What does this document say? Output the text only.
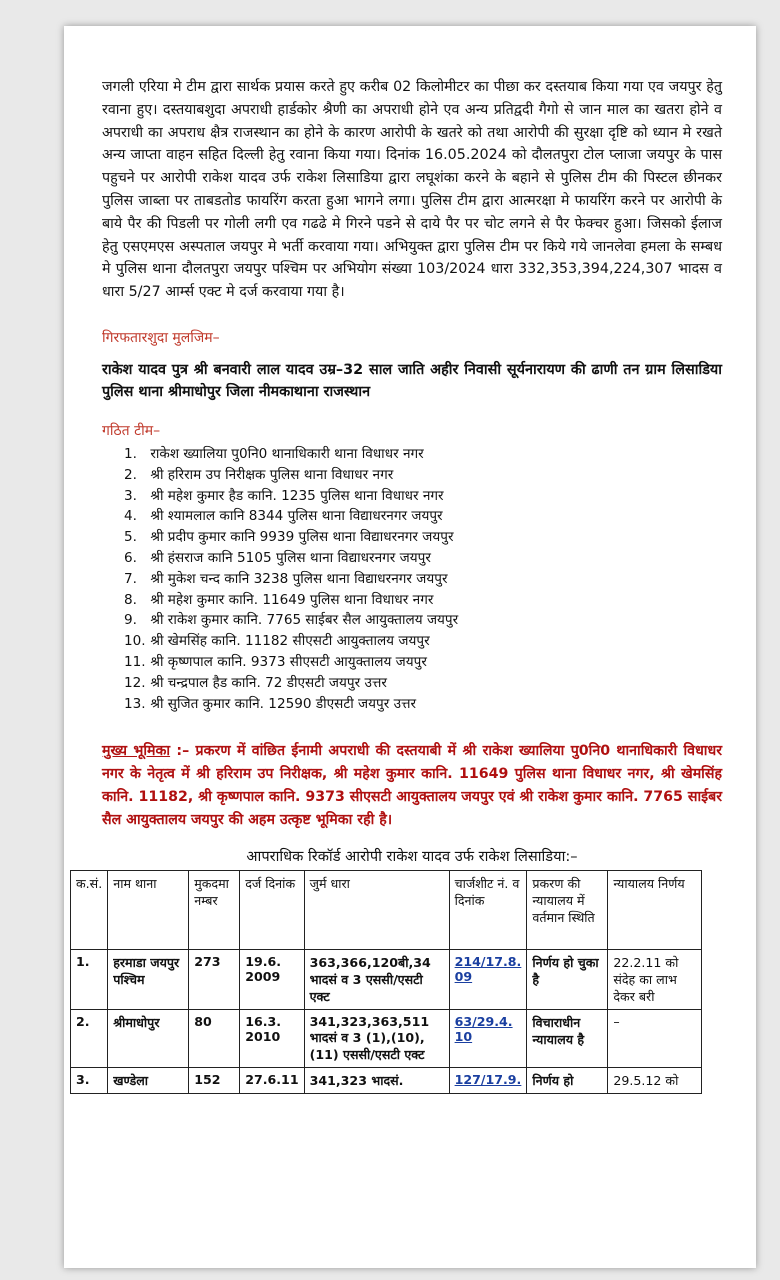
जगली एरिया मे टीम द्वारा सार्थक प्रयास करते हुए करीब 02 किलोमीटर का पीछा कर दस्तयाब किया गया एव जयपुर हेतु रवाना हुए। दस्तयाबशुदा अपराधी हार्डकोर श्रैणी का अपराधी होने एव अन्य प्रतिद्वदी गैगो से जान माल का खतरा होने व अपराधी का अपराध क्षैत्र राजस्थान का होने के कारण आरोपी के खतरे को तथा आरोपी की सुरक्षा दृष्टि को ध्यान मे रखते अन्य जाप्ता वाहन सहित दिल्ली हेतु रवाना किया गया। दिनांक 16.05.2024 को दौलतपुरा टोल प्लाजा जयपुर के पास पहुचने पर आरोपी राकेश यादव उर्फ राकेश लिसाडिया द्वारा लघूशंका करने के बहाने से पुलिस टीम की पिस्टल छीनकर पुलिस जाब्ता पर ताबडतोड फायरिंग करता हुआ भागने लगा। पुलिस टीम द्वारा आत्मरक्षा मे फायरिंग करने पर आरोपी के बाये पैर की पिडली पर गोली लगी एव गढढे मे गिरने पडने से दाये पैर पर चोट लगने से पैर फेक्चर हुआ। जिसको ईलाज हेतु एसएमएस अस्पताल जयपुर मे भर्ती करवाया गया। अभियुक्त द्वारा पुलिस टीम पर किये गये जानलेवा हमला के सम्बध मे पुलिस थाना दौलतपुरा जयपुर पश्चिम पर अभियोग संख्या 103/2024 धारा 332,353,394,224,307 भादस व धारा 5/27 आर्म्स एक्ट मे दर्ज करवाया गया है।

गिरफतारशुदा मुलजिम–

राकेश यादव पुत्र श्री बनवारी लाल यादव उम्र–32 साल जाति अहीर निवासी सूर्यनारायण की ढाणी तन ग्राम लिसाडिया पुलिस थाना श्रीमाधोपुर जिला नीमकाथाना राजस्थान

गठित टीम–
1. राकेश ख्यालिया पु0नि0 थानाधिकारी थाना विधाधर नगर
2. श्री हरिराम उप निरीक्षक पुलिस थाना विधाधर नगर
3. श्री महेश कुमार हैड कानि. 1235 पुलिस थाना विधाधर नगर
4. श्री श्यामलाल कानि 8344 पुलिस थाना विद्याधरनगर जयपुर
5. श्री प्रदीप कुमार कानि 9939 पुलिस थाना विद्याधरनगर जयपुर
6. श्री हंसराज कानि 5105 पुलिस थाना विद्याधरनगर जयपुर
7. श्री मुकेश चन्द कानि 3238 पुलिस थाना विद्याधरनगर जयपुर
8. श्री महेश कुमार कानि. 11649 पुलिस थाना विधाधर नगर
9. श्री राकेश कुमार कानि. 7765 साईबर सैल आयुक्तालय जयपुर
10. श्री खेमसिंह कानि. 11182 सीएसटी आयुक्तालय जयपुर
11. श्री कृष्णपाल कानि. 9373 सीएसटी आयुक्तालय जयपुर
12. श्री चन्द्रपाल हैड कानि. 72 डीएसटी जयपुर उत्तर
13. श्री सुजित कुमार कानि. 12590 डीएसटी जयपुर उत्तर

मुख्य भूमिका :– प्रकरण में वांछित ईनामी अपराधी की दस्तयाबी में श्री राकेश ख्यालिया पु0नि0 थानाधिकारी विधाधर नगर के नेतृत्व में श्री हरिराम उप निरीक्षक, श्री महेश कुमार कानि. 11649 पुलिस थाना विधाधर नगर, श्री खेमसिंह कानि. 11182, श्री कृष्णपाल कानि. 9373 सीएसटी आयुक्तालय जयपुर एवं श्री राकेश कुमार कानि. 7765 साईबर सैल आयुक्तालय जयपुर की अहम उत्कृष्ट भूमिका रही है।

आपराधिक रिकॉर्ड आरोपी राकेश यादव उर्फ राकेश लिसाडिया:–
क.सं.	नाम थाना	मुकदमा नम्बर	दर्ज दिनांक	जुर्म धारा	चार्जशीट नं. व दिनांक	प्रकरण की न्यायालय में वर्तमान स्थिति	न्यायालय निर्णय
1.	हरमाडा जयपुर पश्चिम	273	19.6. 2009	363,366,120बी,34 भादसं व 3 एससी/एसटी एक्ट	214/17.8. 09	निर्णय हो चुका है	22.2.11 को संदेह का लाभ देकर बरी
2.	श्रीमाधोपुर	80	16.3. 2010	341,323,363,511 भादसं व 3 (1),(10),(11) एससी/एसटी एक्ट	63/29.4. 10	विचाराधीन न्यायालय है	–
3.	खण्डेला	152	27.6.11	341,323 भादसं.	127/17.9.	निर्णय हो	29.5.12 को
